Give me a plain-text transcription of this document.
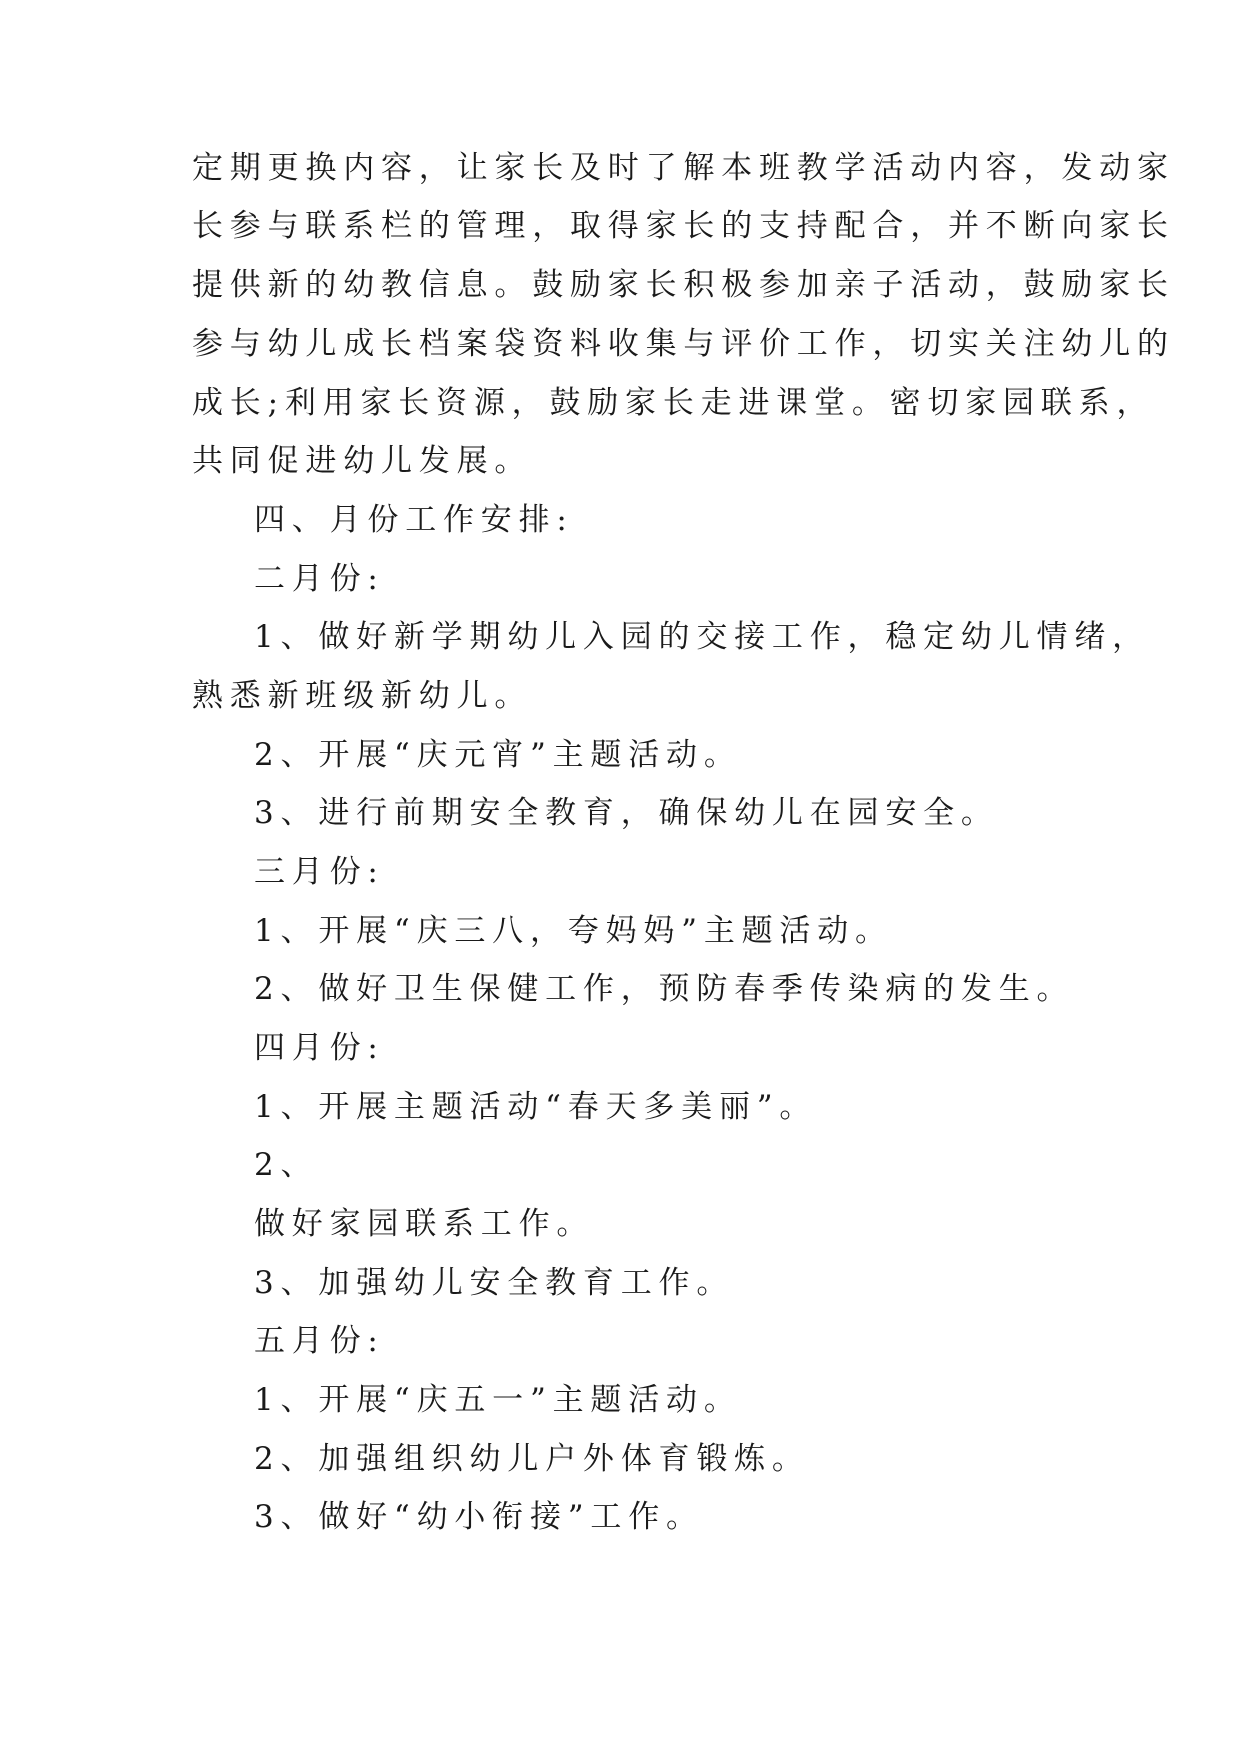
定期更换内容，让家长及时了解本班教学活动内容，发动家
长参与联系栏的管理，取得家长的支持配合，并不断向家长
提供新的幼教信息。鼓励家长积极参加亲子活动，鼓励家长
参与幼儿成长档案袋资料收集与评价工作，切实关注幼儿的
成长;利用家长资源，鼓励家长走进课堂。密切家园联系，
共同促进幼儿发展。
四、月份工作安排:
二月份:
1、做好新学期幼儿入园的交接工作，稳定幼儿情绪，
熟悉新班级新幼儿。
2、开展“庆元宵”主题活动。
3、进行前期安全教育，确保幼儿在园安全。
三月份:
1、开展“庆三八，夸妈妈”主题活动。
2、做好卫生保健工作，预防春季传染病的发生。
四月份:
1、开展主题活动“春天多美丽”。
2、
做好家园联系工作。
3、加强幼儿安全教育工作。
五月份:
1、开展“庆五一”主题活动。
2、加强组织幼儿户外体育锻炼。
3、做好“幼小衔接”工作。
